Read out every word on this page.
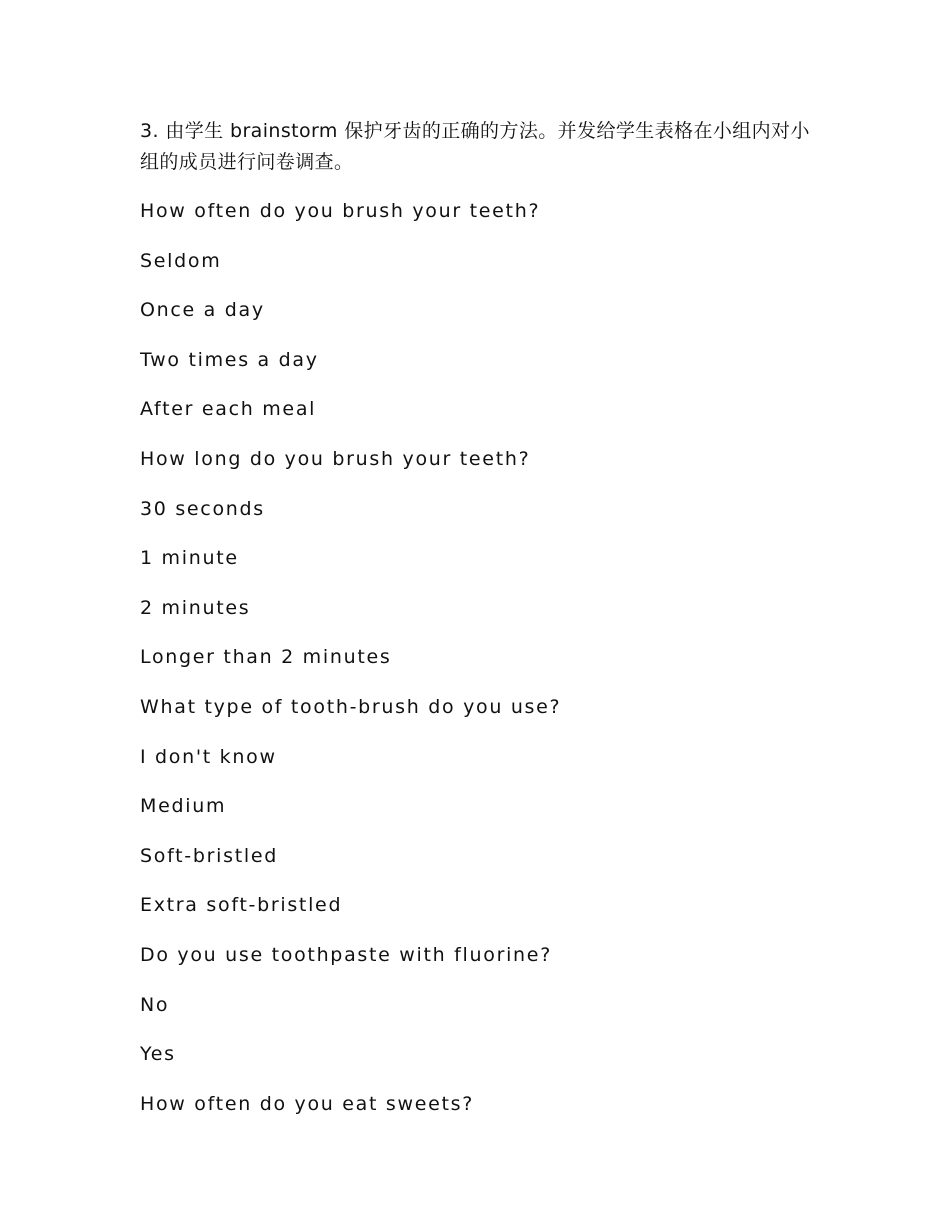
3. 由学生 brainstorm 保护牙齿的正确的方法。并发给学生表格在小组内对小组的成员进行问卷调查。

How often do you brush your teeth?

Seldom

Once a day

Two times a day

After each meal

How long do you brush your teeth?

30 seconds

1 minute

2 minutes

Longer than 2 minutes

What type of tooth-brush do you use?

I don't know

Medium

Soft-bristled

Extra soft-bristled

Do you use toothpaste with fluorine?

No

Yes

How often do you eat sweets?
